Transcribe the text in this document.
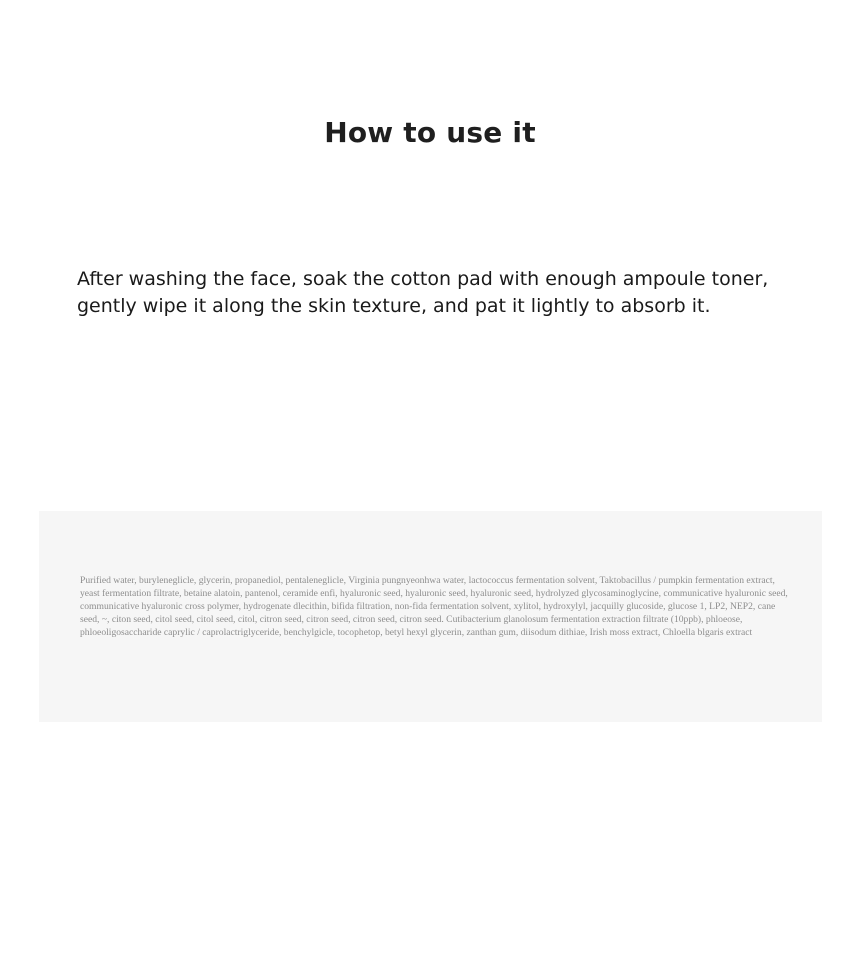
How to use it

After washing the face, soak the cotton pad with enough ampoule toner, gently wipe it along the skin texture, and pat it lightly to absorb it.

Purified water, buryleneglicle, glycerin, propanediol, pentaleneglicle, Virginia pungnyeonhwa water, lactococcus fermentation solvent, Taktobacillus / pumpkin fermentation extract, yeast fermentation filtrate, betaine alatoin, pantenol, ceramide enfi, hyaluronic seed, hyaluronic seed, hyaluronic seed, hydrolyzed glycosaminoglycine, communicative hyaluronic seed, communicative hyaluronic cross polymer, hydrogenate dlecithin, bifida filtration, non-fida fermentation solvent, xylitol, hydroxylyl, jacquilly glucoside, glucose 1, LP2, NEP2, cane seed, ~, citon seed, citol seed, citol seed, citol, citron seed, citron seed, citron seed, citron seed. Cutibacterium glanolosum fermentation extraction filtrate (10ppb), phloeose, phloeoligosaccharide caprylic / caprolactriglyceride, benchylgicle, tocophetop, betyl hexyl glycerin, zanthan gum, diisodum dithiae, Irish moss extract, Chloella blgaris extract
